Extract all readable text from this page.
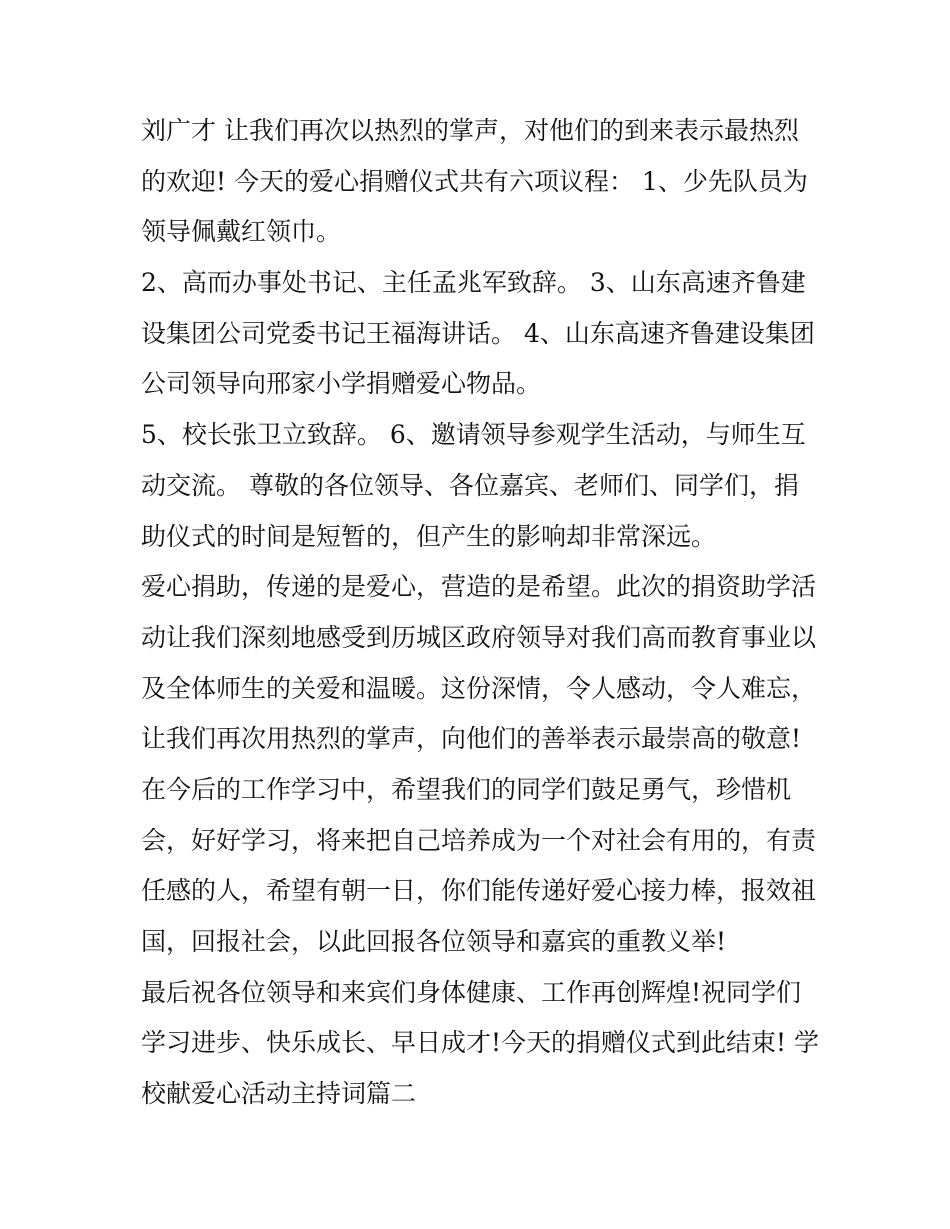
刘广才 让我们再次以热烈的掌声，对他们的到来表示最热烈
的欢迎! 今天的爱心捐赠仪式共有六项议程： 1、少先队员为
领导佩戴红领巾。
2、高而办事处书记、主任孟兆军致辞。 3、山东高速齐鲁建
设集团公司党委书记王福海讲话。 4、山东高速齐鲁建设集团
公司领导向邢家小学捐赠爱心物品。
5、校长张卫立致辞。 6、邀请领导参观学生活动，与师生互
动交流。 尊敬的各位领导、各位嘉宾、老师们、同学们，捐
助仪式的时间是短暂的，但产生的影响却非常深远。
爱心捐助，传递的是爱心，营造的是希望。此次的捐资助学活
动让我们深刻地感受到历城区政府领导对我们高而教育事业以
及全体师生的关爱和温暖。这份深情，令人感动，令人难忘，
让我们再次用热烈的掌声，向他们的善举表示最崇高的敬意!
在今后的工作学习中，希望我们的同学们鼓足勇气，珍惜机
会，好好学习，将来把自己培养成为一个对社会有用的，有责
任感的人，希望有朝一日，你们能传递好爱心接力棒，报效祖
国，回报社会，以此回报各位领导和嘉宾的重教义举!
最后祝各位领导和来宾们身体健康、工作再创辉煌!祝同学们
学习进步、快乐成长、早日成才!今天的捐赠仪式到此结束! 学
校献爱心活动主持词篇二
